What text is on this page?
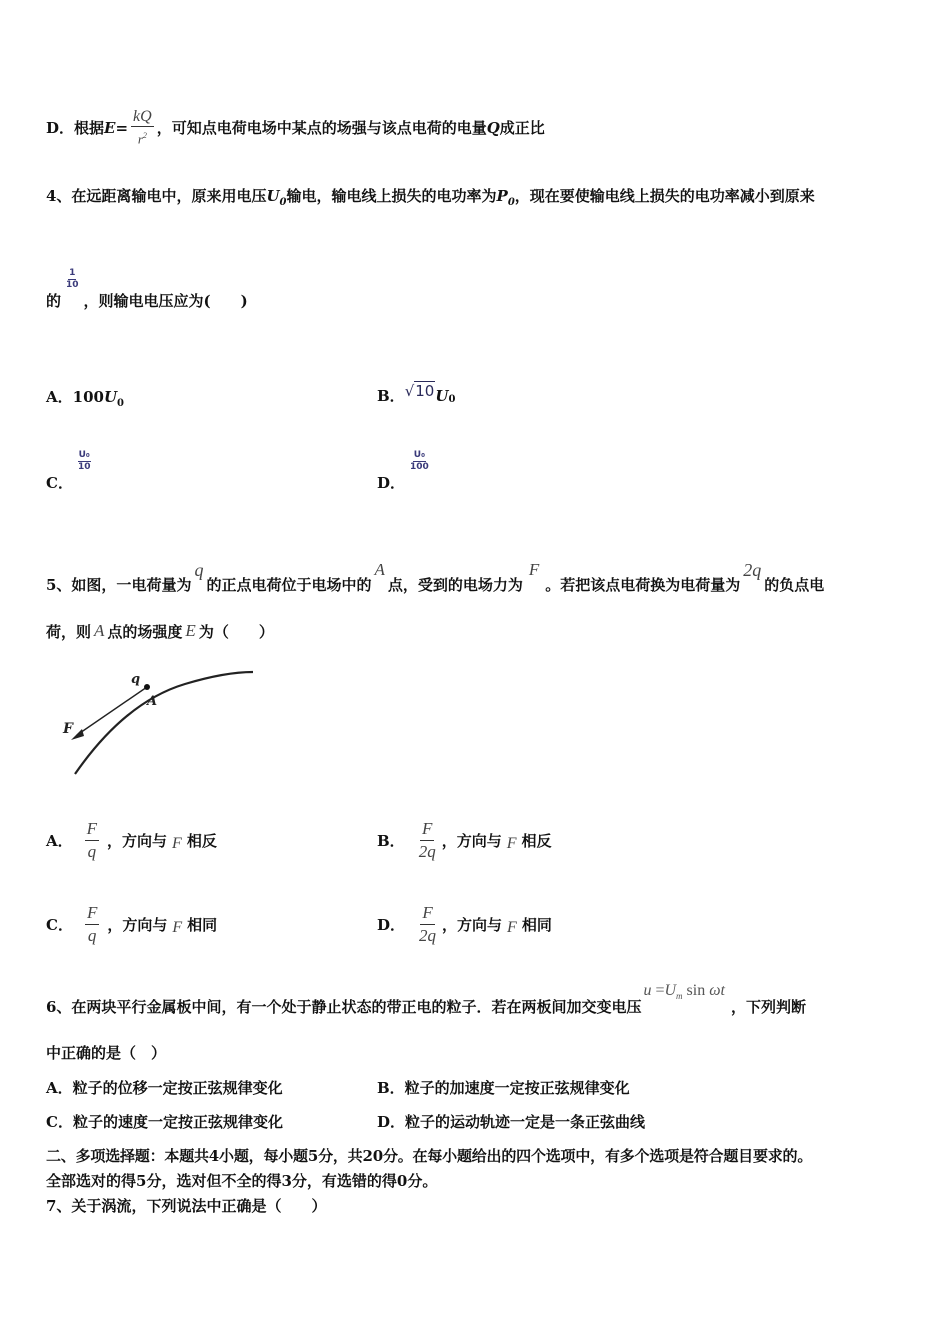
D． 根据 $E = \frac{kQ}{r^2}$ ，可知点电荷电场中某点的场强与该点电荷的电量 Q 成正比
4、在远距离输电中，原来用电压$U_0$输电，输电线上损失的电功率为$P_0$，现在要使输电线上损失的电功率减小到原来
的
$\frac{1}{10}$
，则输电电压应为(　　)
A．$100U_0$	B． √10 $U_0$
C．
$\frac{\text{U₀}}{10}$
D．
$\frac{\text{U₀}}{100}$
5、如图，一电荷量为
q
的正点电荷位于电场中的
A
点，受到的电场力为
F
。若把该点电荷换为电荷量为
2q
的负点电
荷，则 A 点的场强度 E 为（　　）
q
A
F
A． $\frac{F}{q}$ ，方向与 F 相反	B． $\frac{F}{2q}$ ，方向与 F 相反
C． $\frac{F}{q}$ ，方向与 F 相同	D． $\frac{F}{2q}$ ，方向与 F 相同
6、在两块平行金属板中间，有一个处于静止状态的带正电的粒子．若在两板间加交变电压
$u =U_m$ sin ωt
，下列判断
中正确的是（　）
A．粒子的位移一定按正弦规律变化	B．粒子的加速度一定按正弦规律变化
C．粒子的速度一定按正弦规律变化	D．粒子的运动轨迹一定是一条正弦曲线
二、多项选择题：本题共4小题，每小题5分，共20分。在每小题给出的四个选项中，有多个选项是符合题目要求的。
全部选对的得5分，选对但不全的得3分，有选错的得0分。
7、关于涡流，下列说法中正确是（　　）
